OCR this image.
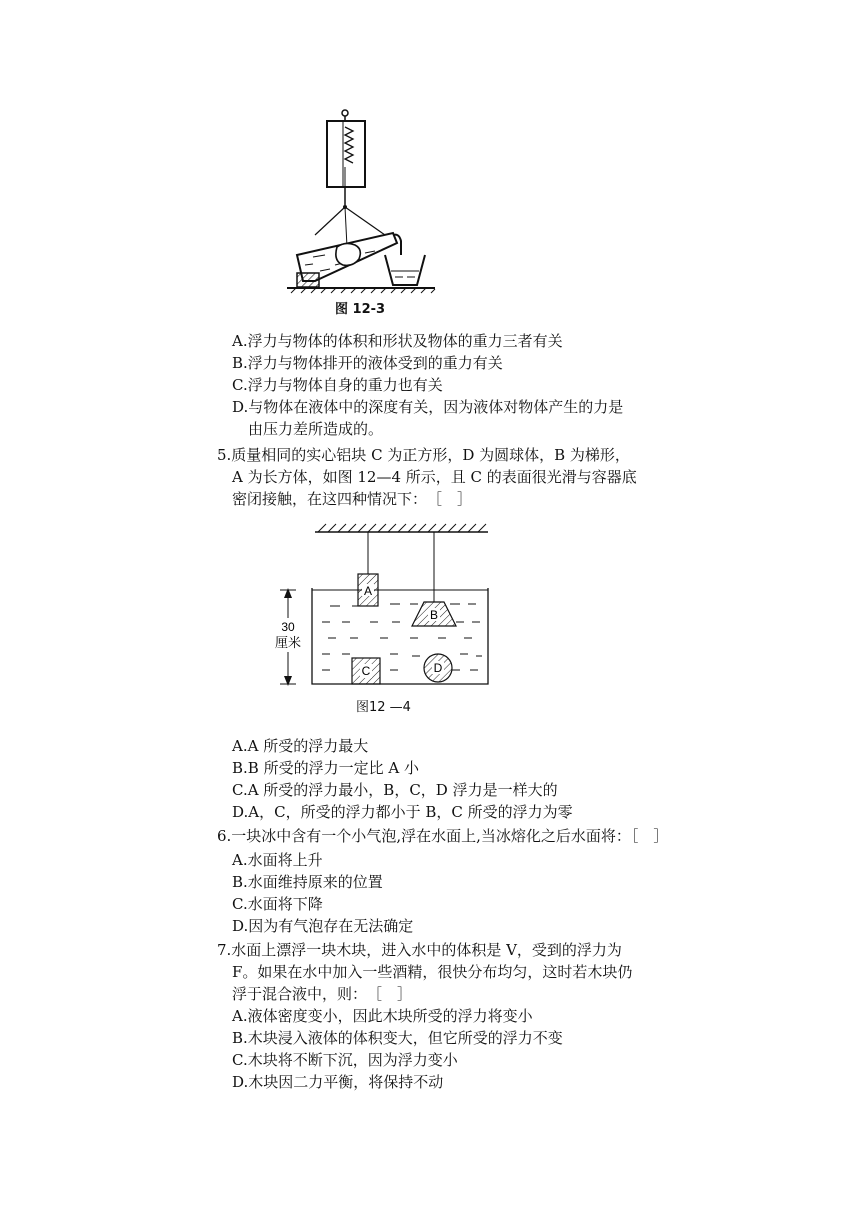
图 12-3
A.浮力与物体的体积和形状及物体的重力三者有关
B.浮力与物体排开的液体受到的重力有关
C.浮力与物体自身的重力也有关
D.与物体在液体中的深度有关，因为液体对物体产生的力是
由压力差所造成的。
5.质量相同的实心铝块 C 为正方形，D 为圆球体，B 为梯形，
A 为长方体，如图 12—4 所示，且 C 的表面很光滑与容器底
密闭接触，在这四种情况下：　［　］
A
B
C	D
30
厘米
图12 —4
A.A 所受的浮力最大
B.B 所受的浮力一定比 A 小
C.A 所受的浮力最小，B，C，D 浮力是一样大的
D.A，C，所受的浮力都小于 B，C 所受的浮力为零
6.一块冰中含有一个小气泡,浮在水面上,当冰熔化之后水面将：［　］
A.水面将上升
B.水面维持原来的位置
C.水面将下降
D.因为有气泡存在无法确定
7.水面上漂浮一块木块，进入水中的体积是 V，受到的浮力为
F。如果在水中加入一些酒精，很快分布均匀，这时若木块仍
浮于混合液中，则：　［　］
A.液体密度变小，因此木块所受的浮力将变小
B.木块浸入液体的体积变大，但它所受的浮力不变
C.木块将不断下沉，因为浮力变小
D.木块因二力平衡，将保持不动
